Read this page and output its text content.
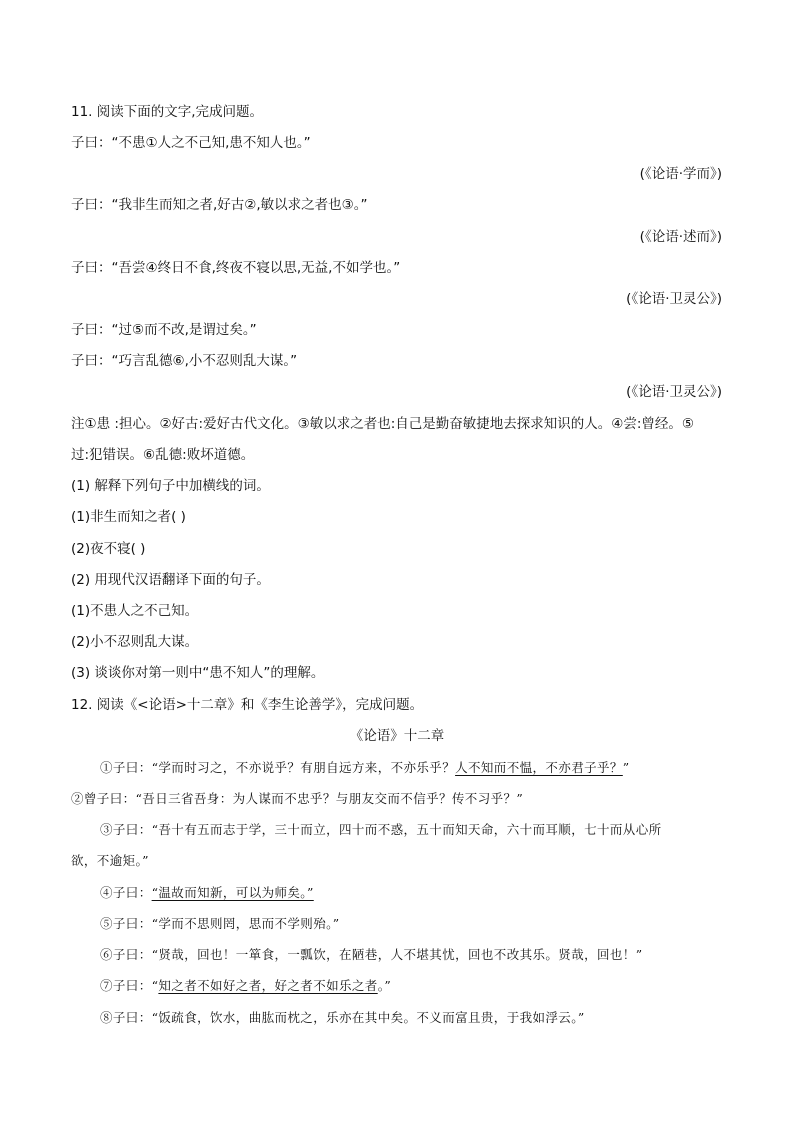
11. 阅读下面的文字,完成问题。
子曰：“不患①人之不己知,患不知人也。”
(《论语·学而》)
子曰：“我非生而知之者,好古②,敏以求之者也③。”
(《论语·述而》)
子曰：“吾尝④终日不食,终夜不寝以思,无益,不如学也。”
(《论语·卫灵公》)
子曰：“过⑤而不改,是谓过矣。”
子曰：“巧言乱德⑥,小不忍则乱大谋。”
(《论语·卫灵公》)
注①患 :担心。②好古:爱好古代文化。③敏以求之者也:自己是勤奋敏捷地去探求知识的人。④尝:曾经。⑤
过:犯错误。⑥乱德:败坏道德。
(1) 解释下列句子中加横线的词。
(1)非生而知之者( )
(2)夜不寝( )
(2) 用现代汉语翻译下面的句子。
(1)不患人之不己知。
(2)小不忍则乱大谋。
(3) 谈谈你对第一则中“患不知人”的理解。
12. 阅读《<论语>十二章》和《李生论善学》，完成问题。
《论语》十二章
①子曰：“学而时习之，不亦说乎？有朋自远方来，不亦乐乎？人不知而不愠，不亦君子乎？”
②曾子曰：“吾日三省吾身：为人谋而不忠乎？与朋友交而不信乎？传不习乎？”
③子曰：“吾十有五而志于学，三十而立，四十而不惑，五十而知天命，六十而耳顺，七十而从心所
欲，不逾矩。”
④子曰：“温故而知新，可以为师矣。”
⑤子曰：“学而不思则罔，思而不学则殆。”
⑥子曰：“贤哉，回也！一箪食，一瓢饮，在陋巷，人不堪其忧，回也不改其乐。贤哉，回也！”
⑦子曰：“知之者不如好之者，好之者不如乐之者。”
⑧子曰：“饭疏食，饮水，曲肱而枕之，乐亦在其中矣。不义而富且贵，于我如浮云。”
